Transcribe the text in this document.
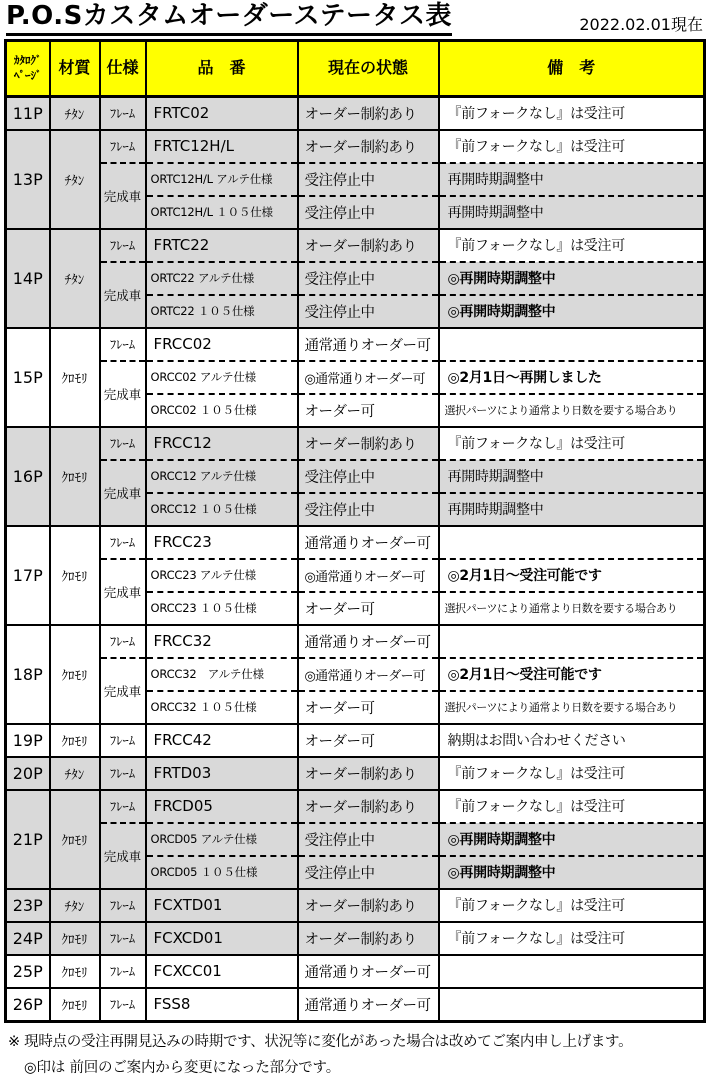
P.O.Sカスタムオーダーステータス表	2022.02.01現在
ｶﾀﾛｸﾞ
ﾍﾟｰｼﾞ	材質	仕様	品　番	現在の状態	備　考
11P	ﾁﾀﾝ	ﾌﾚｰﾑ	FRTC02	オーダー制約あり	『前フォークなし』は受注可
13P	ﾁﾀﾝ	ﾌﾚｰﾑ	FRTC12H/L	オーダー制約あり	『前フォークなし』は受注可
		完成車	ORTC12H/L アルテ仕様	受注停止中	再開時期調整中
			ORTC12H/L １０５仕様	受注停止中	再開時期調整中
14P	ﾁﾀﾝ	ﾌﾚｰﾑ	FRTC22	オーダー制約あり	『前フォークなし』は受注可
		完成車	ORTC22 アルテ仕様	受注停止中	◎再開時期調整中
			ORTC22 １０５仕様	受注停止中	◎再開時期調整中
15P	ｸﾛﾓﾘ	ﾌﾚｰﾑ	FRCC02	通常通りオーダー可	
		完成車	ORCC02 アルテ仕様	◎通常通りオーダー可	◎2月1日～再開しました
			ORCC02 １０５仕様	オーダー可	選択パーツにより通常より日数を要する場合あり
16P	ｸﾛﾓﾘ	ﾌﾚｰﾑ	FRCC12	オーダー制約あり	『前フォークなし』は受注可
		完成車	ORCC12 アルテ仕様	受注停止中	再開時期調整中
			ORCC12 １０５仕様	受注停止中	再開時期調整中
17P	ｸﾛﾓﾘ	ﾌﾚｰﾑ	FRCC23	通常通りオーダー可	
		完成車	ORCC23 アルテ仕様	◎通常通りオーダー可	◎2月1日～受注可能です
			ORCC23 １０５仕様	オーダー可	選択パーツにより通常より日数を要する場合あり
18P	ｸﾛﾓﾘ	ﾌﾚｰﾑ	FRCC32	通常通りオーダー可	
		完成車	ORCC32　アルテ仕様	◎通常通りオーダー可	◎2月1日～受注可能です
			ORCC32 １０５仕様	オーダー可	選択パーツにより通常より日数を要する場合あり
19P	ｸﾛﾓﾘ	ﾌﾚｰﾑ	FRCC42	オーダー可	納期はお問い合わせください
20P	ﾁﾀﾝ	ﾌﾚｰﾑ	FRTD03	オーダー制約あり	『前フォークなし』は受注可
21P	ｸﾛﾓﾘ	ﾌﾚｰﾑ	FRCD05	オーダー制約あり	『前フォークなし』は受注可
		完成車	ORCD05 アルテ仕様	受注停止中	◎再開時期調整中
			ORCD05 １０５仕様	受注停止中	◎再開時期調整中
23P	ﾁﾀﾝ	ﾌﾚｰﾑ	FCXTD01	オーダー制約あり	『前フォークなし』は受注可
24P	ｸﾛﾓﾘ	ﾌﾚｰﾑ	FCXCD01	オーダー制約あり	『前フォークなし』は受注可
25P	ｸﾛﾓﾘ	ﾌﾚｰﾑ	FCXCC01	通常通りオーダー可	
26P	ｸﾛﾓﾘ	ﾌﾚｰﾑ	FSS8	通常通りオーダー可	
※ 現時点の受注再開見込みの時期です、状況等に変化があった場合は改めてご案内申し上げます。
◎印は 前回のご案内から変更になった部分です。
